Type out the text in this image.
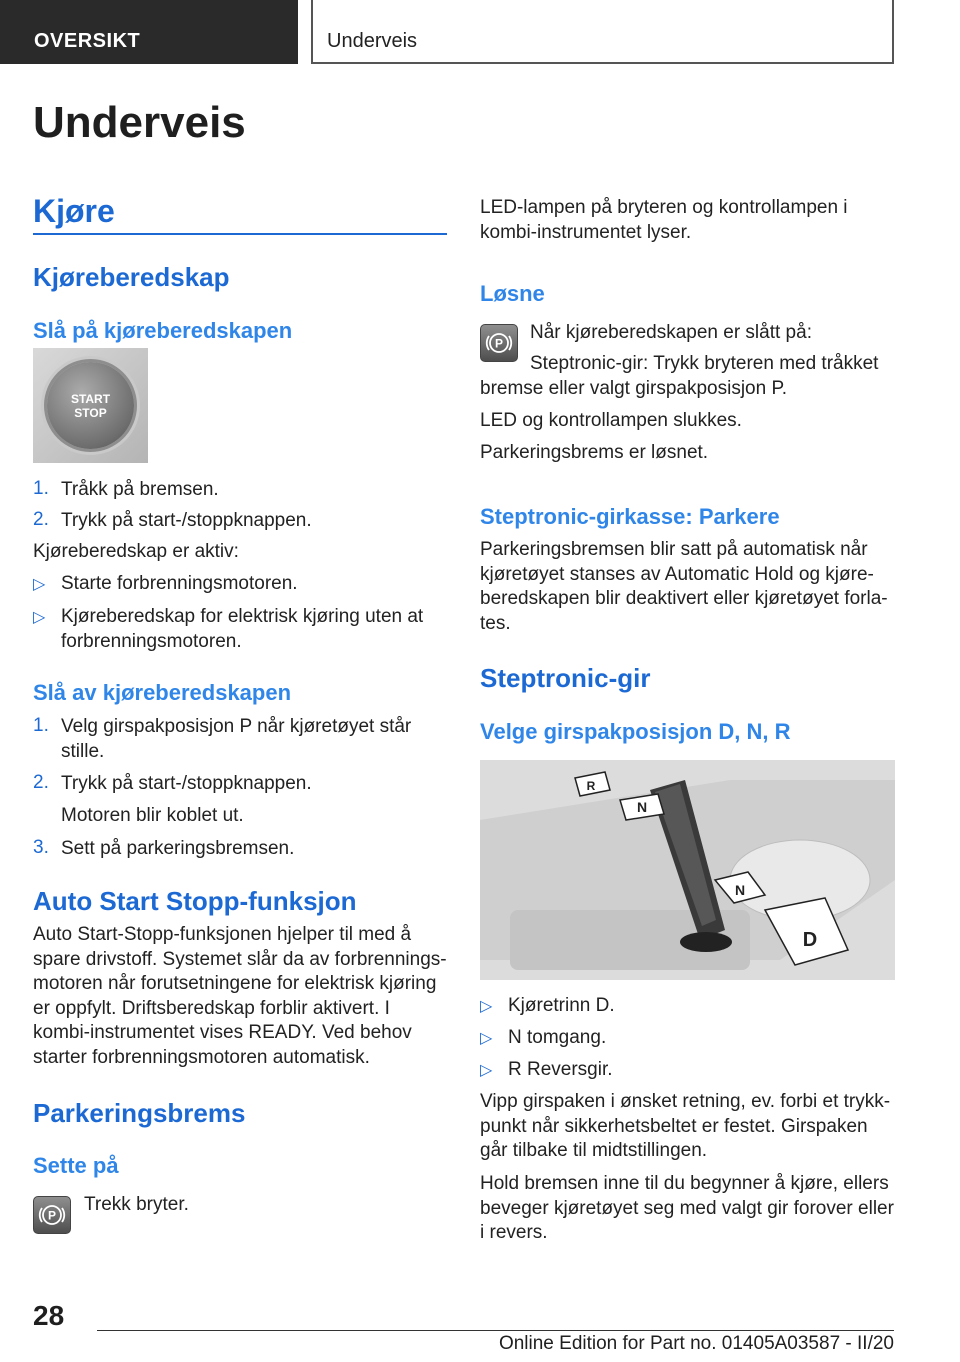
OVERSIKT	Underveis
Underveis
Kjøre
Kjøreberedskap
Slå på kjøreberedskapen
START
STOP
1. Tråkk på bremsen.
2. Trykk på start-/stoppknappen.
Kjøreberedskap er aktiv:
▷ Starte forbrenningsmotoren.
▷ Kjøreberedskap for elektrisk kjøring uten at
forbrenningsmotoren.
Slå av kjøreberedskapen
1. Velg girspakposisjon P når kjøretøyet står
stille.
2. Trykk på start-/stoppknappen.
Motoren blir koblet ut.
3. Sett på parkeringsbremsen.
Auto Start Stopp-funksjon
Auto Start-Stopp-funksjonen hjelper til med å
spare drivstoff. Systemet slår da av forbrennings-
motoren når forutsetningene for elektrisk kjøring
er oppfylt. Driftsberedskap forblir aktivert. I
kombi-instrumentet vises READY. Ved behov
starter forbrenningsmotoren automatisk.
Parkeringsbrems
Sette på
P
Trekk bryter.
LED-lampen på bryteren og kontrollampen i
kombi-instrumentet lyser.
Løsne
P
Når kjøreberedskapen er slått på:
Steptronic-gir: Trykk bryteren med tråkket
bremse eller valgt girspakposisjon P.
LED og kontrollampen slukkes.
Parkeringsbrems er løsnet.
Steptronic-girkasse: Parkere
Parkeringsbremsen blir satt på automatisk når
kjøretøyet stanses av Automatic Hold og kjøre-
beredskapen blir deaktivert eller kjøretøyet forla-
tes.
Steptronic-gir
Velge girspakposisjon D, N, R
R
N
N
D
▷ Kjøretrinn D.
▷ N tomgang.
▷ R Reversgir.
Vipp girspaken i ønsket retning, ev. forbi et trykk-
punkt når sikkerhetsbeltet er festet. Girspaken
går tilbake til midtstillingen.
Hold bremsen inne til du begynner å kjøre, ellers
beveger kjøretøyet seg med valgt gir forover eller
i revers.
28
Online Edition for Part no. 01405A03587 - II/20
